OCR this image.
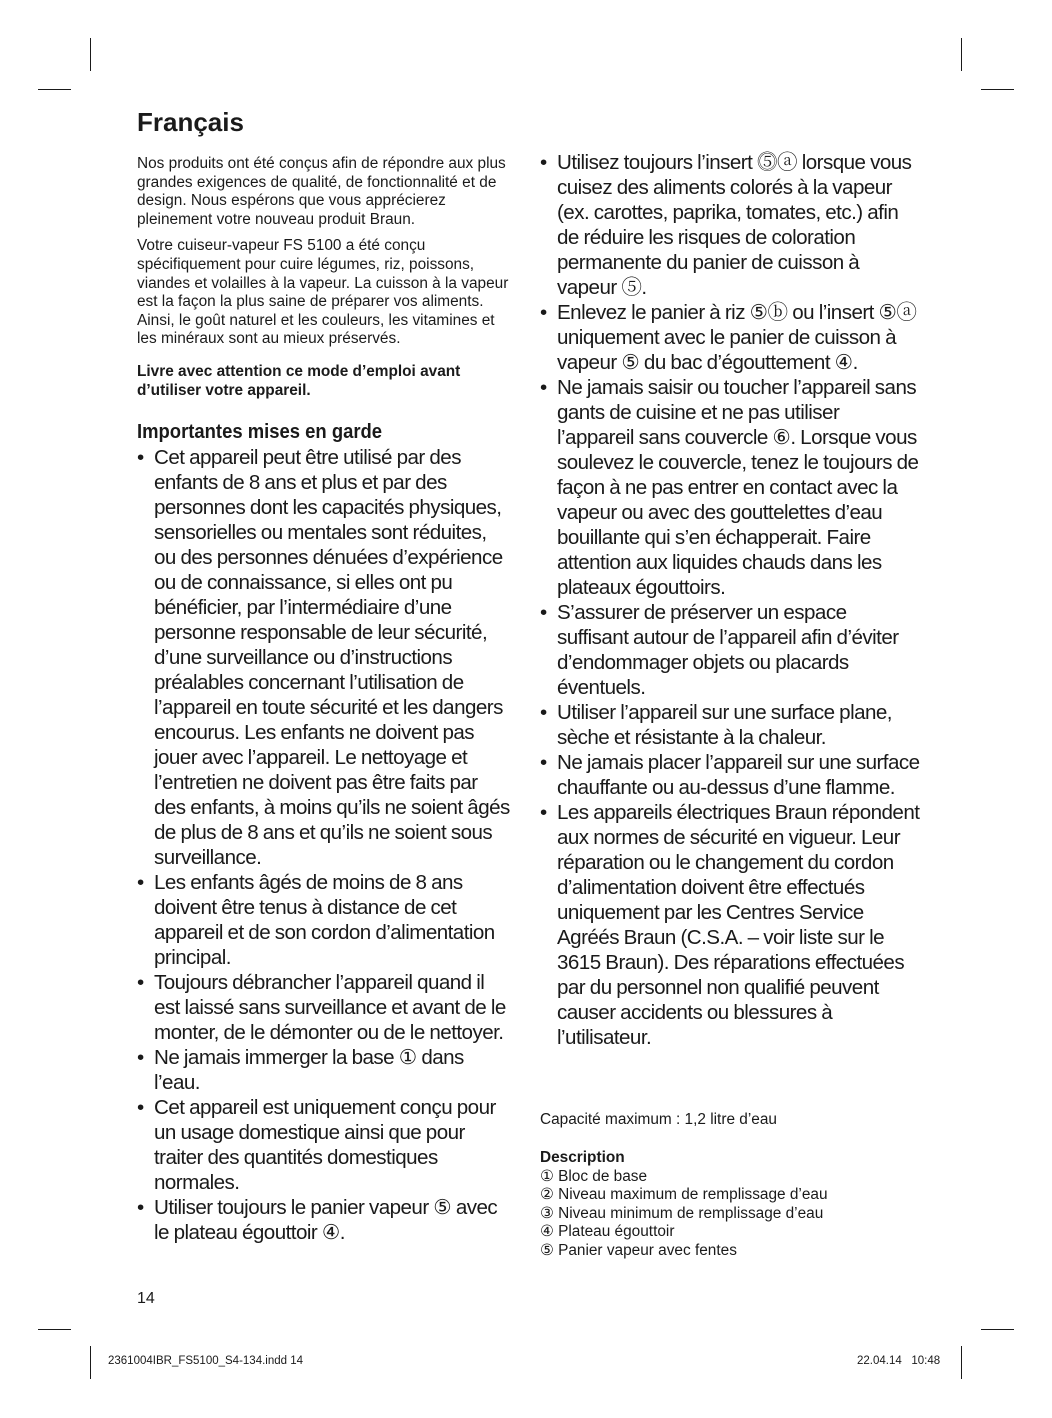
Français

Nos produits ont été conçus afin de répondre aux plus grandes exigences de qualité, de fonctionnalité et de design. Nous espérons que vous apprécierez pleinement votre nouveau produit Braun.

Votre cuiseur-vapeur FS 5100 a été conçu spécifiquement pour cuire légumes, riz, poissons, viandes et volailles à la vapeur. La cuisson à la vapeur est la façon la plus saine de préparer vos aliments. Ainsi, le goût naturel et les couleurs, les vitamines et les minéraux sont au mieux préservés.

Livre avec attention ce mode d’emploi avant d’utiliser votre appareil.

Importantes mises en garde
• Cet appareil peut être utilisé par des enfants de 8 ans et plus et par des personnes dont les capacités physiques, sensorielles ou mentales sont réduites, ou des personnes dénuées d’expérience ou de connaissance, si elles ont pu bénéficier, par l’intermédiaire d’une personne responsable de leur sécurité, d’une surveillance ou d’instructions préalables concernant l’utilisation de l’appareil en toute sécurité et les dangers encourus. Les enfants ne doivent pas jouer avec l’appareil. Le nettoyage et l’entretien ne doivent pas être faits par des enfants, à moins qu’ils ne soient âgés de plus de 8 ans et qu’ils ne soient sous surveillance.
• Les enfants âgés de moins de 8 ans doivent être tenus à distance de cet appareil et de son cordon d’alimentation principal.
• Toujours débrancher l’appareil quand il est laissé sans surveillance et avant de le monter, de le démonter ou de le nettoyer.
• Ne jamais immerger la base ① dans l’eau.
• Cet appareil est uniquement conçu pour un usage domestique ainsi que pour traiter des quantités domestiques normales.
• Utiliser toujours le panier vapeur ⑤ avec le plateau égouttoir ④.
• Utilisez toujours l’insert ⓹ⓐ lorsque vous cuisez des aliments colorés à la vapeur (ex. carottes, paprika, tomates, etc.) afin de réduire les risques de coloration permanente du panier de cuisson à vapeur ⑤.
• Enlevez le panier à riz ⑤ⓑ ou l’insert ⑤ⓐ uniquement avec le panier de cuisson à vapeur ⑤ du bac d’égouttement ④.
• Ne jamais saisir ou toucher l’appareil sans gants de cuisine et ne pas utiliser l’appareil sans couvercle ⑥. Lorsque vous soulevez le couvercle, tenez le toujours de façon à ne pas entrer en contact avec la vapeur ou avec des gouttelettes d’eau bouillante qui s’en échapperait. Faire attention aux liquides chauds dans les plateaux égouttoirs.
• S’assurer de préserver un espace suffisant autour de l’appareil afin d’éviter d’endommager objets ou placards éventuels.
• Utiliser l’appareil sur une surface plane, sèche et résistante à la chaleur.
• Ne jamais placer l’appareil sur une surface chauffante ou au-dessus d’une flamme.
• Les appareils électriques Braun répondent aux normes de sécurité en vigueur. Leur réparation ou le changement du cordon d’alimentation doivent être effectués uniquement par les Centres Service Agréés Braun (C.S.A. – voir liste sur le 3615 Braun). Des réparations effectuées par du personnel non qualifié peuvent causer accidents ou blessures à l’utilisateur.

Capacité maximum : 1,2 litre d’eau

Description
① Bloc de base
② Niveau maximum de remplissage d’eau
③ Niveau minimum de remplissage d’eau
④ Plateau égouttoir
⑤ Panier vapeur avec fentes
14
2361004IBR_FS5100_S4-134.indd 14	22.04.14   10:48
